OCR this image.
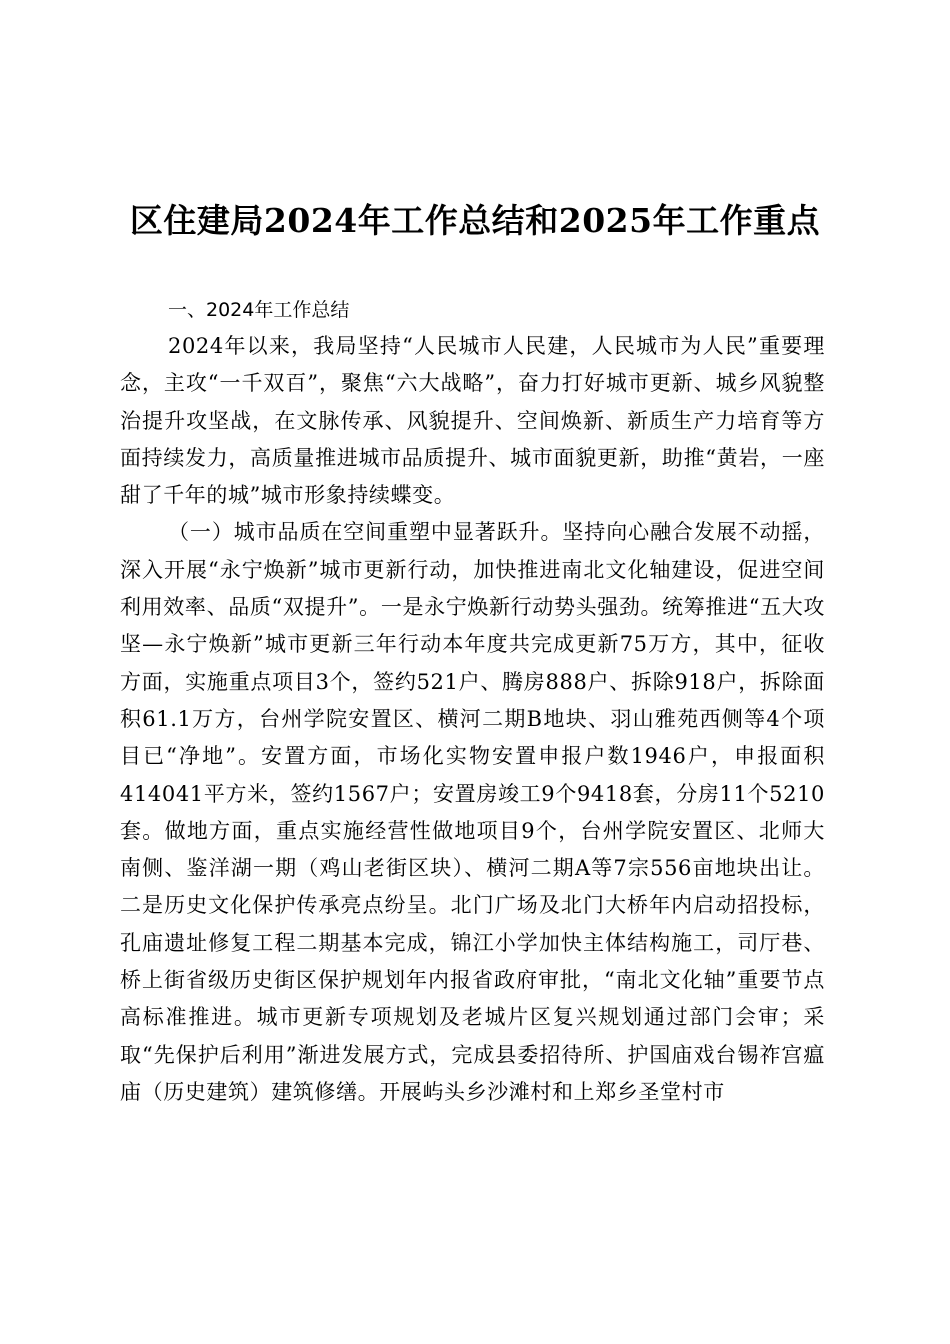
区住建局2024年工作总结和2025年工作重点

一、2024年工作总结

2024年以来，我局坚持“人民城市人民建，人民城市为人民”重要理念，主攻“一千双百”，聚焦“六大战略”，奋力打好城市更新、城乡风貌整治提升攻坚战，在文脉传承、风貌提升、空间焕新、新质生产力培育等方面持续发力，高质量推进城市品质提升、城市面貌更新，助推“黄岩，一座甜了千年的城”城市形象持续蝶变。

（一）城市品质在空间重塑中显著跃升。坚持向心融合发展不动摇，深入开展“永宁焕新”城市更新行动，加快推进南北文化轴建设，促进空间利用效率、品质“双提升”。一是永宁焕新行动势头强劲。统筹推进“五大攻坚—永宁焕新”城市更新三年行动本年度共完成更新75万方，其中，征收方面，实施重点项目3个，签约521户、腾房888户、拆除918户，拆除面积61.1万方，台州学院安置区、横河二期B地块、羽山雅苑西侧等4个项目已“净地”。安置方面，市场化实物安置申报户数1946户，申报面积414041平方米，签约1567户；安置房竣工9个9418套，分房11个5210套。做地方面，重点实施经营性做地项目9个，台州学院安置区、北师大南侧、鉴洋湖一期（鸡山老街区块）、横河二期A等7宗556亩地块出让。二是历史文化保护传承亮点纷呈。北门广场及北门大桥年内启动招投标，孔庙遗址修复工程二期基本完成，锦江小学加快主体结构施工，司厅巷、桥上街省级历史街区保护规划年内报省政府审批，“南北文化轴”重要节点高标准推进。城市更新专项规划及老城片区复兴规划通过部门会审；采取“先保护后利用”渐进发展方式，完成县委招待所、护国庙戏台锡祚宫瘟庙（历史建筑）建筑修缮。开展屿头乡沙滩村和上郑乡圣堂村市
